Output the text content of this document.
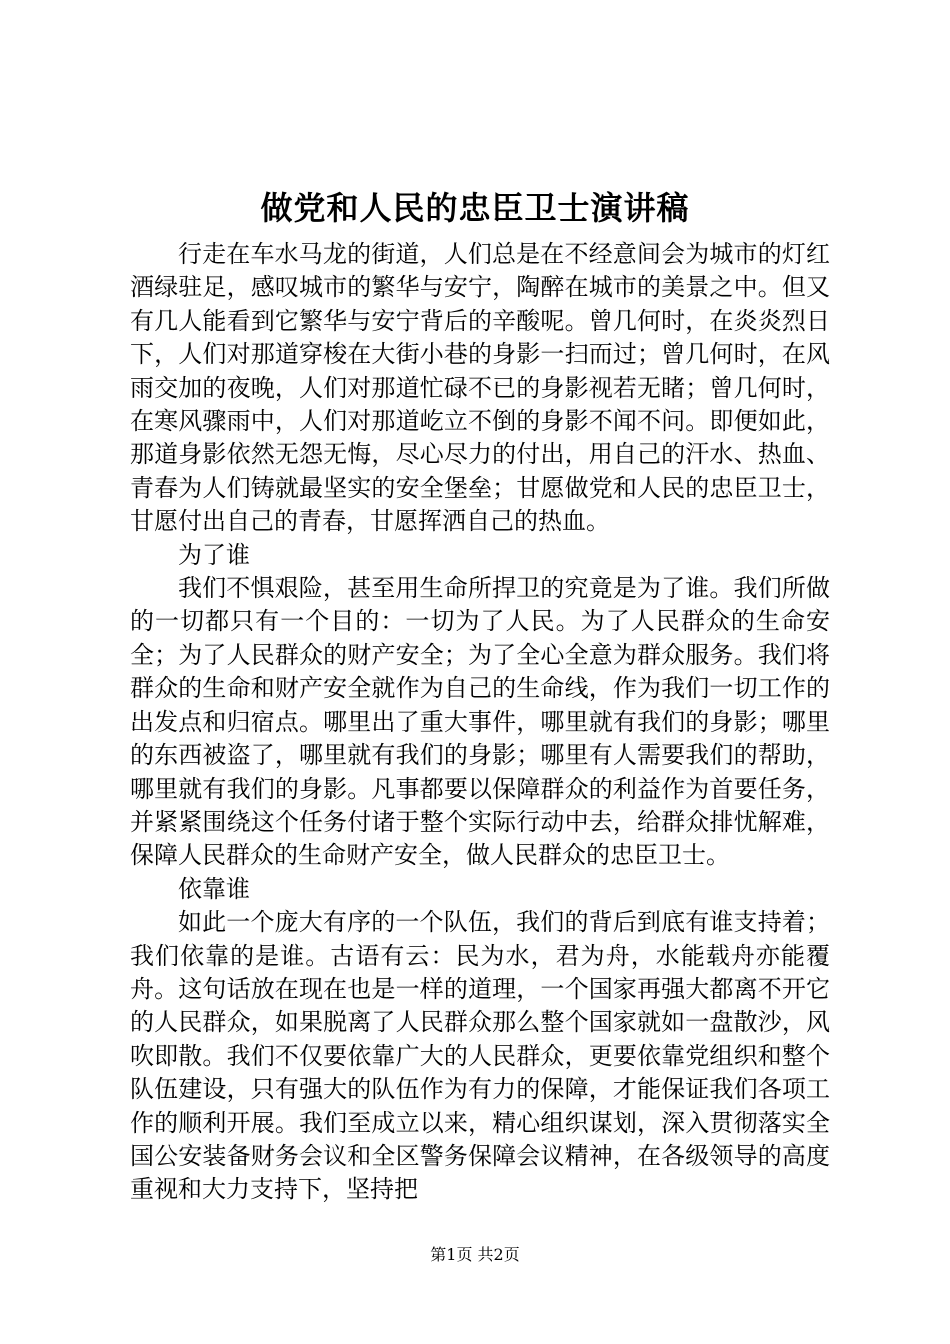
做党和人民的忠臣卫士演讲稿

行走在车水马龙的街道，人们总是在不经意间会为城市的灯红酒绿驻足，感叹城市的繁华与安宁，陶醉在城市的美景之中。但又有几人能看到它繁华与安宁背后的辛酸呢。曾几何时，在炎炎烈日下，人们对那道穿梭在大街小巷的身影一扫而过；曾几何时，在风雨交加的夜晚，人们对那道忙碌不已的身影视若无睹；曾几何时，在寒风骤雨中，人们对那道屹立不倒的身影不闻不问。即便如此，那道身影依然无怨无悔，尽心尽力的付出，用自己的汗水、热血、青春为人们铸就最坚实的安全堡垒；甘愿做党和人民的忠臣卫士，甘愿付出自己的青春，甘愿挥洒自己的热血。

为了谁

我们不惧艰险，甚至用生命所捍卫的究竟是为了谁。我们所做的一切都只有一个目的：一切为了人民。为了人民群众的生命安全；为了人民群众的财产安全；为了全心全意为群众服务。我们将群众的生命和财产安全就作为自己的生命线，作为我们一切工作的出发点和归宿点。哪里出了重大事件，哪里就有我们的身影；哪里的东西被盗了，哪里就有我们的身影；哪里有人需要我们的帮助，哪里就有我们的身影。凡事都要以保障群众的利益作为首要任务，并紧紧围绕这个任务付诸于整个实际行动中去，给群众排忧解难，保障人民群众的生命财产安全，做人民群众的忠臣卫士。

依靠谁

如此一个庞大有序的一个队伍，我们的背后到底有谁支持着；我们依靠的是谁。古语有云：民为水，君为舟，水能载舟亦能覆舟。这句话放在现在也是一样的道理，一个国家再强大都离不开它的人民群众，如果脱离了人民群众那么整个国家就如一盘散沙，风吹即散。我们不仅要依靠广大的人民群众，更要依靠党组织和整个队伍建设，只有强大的队伍作为有力的保障，才能保证我们各项工作的顺利开展。我们至成立以来，精心组织谋划，深入贯彻落实全国公安装备财务会议和全区警务保障会议精神，在各级领导的高度重视和大力支持下，坚持把

第1页 共2页
